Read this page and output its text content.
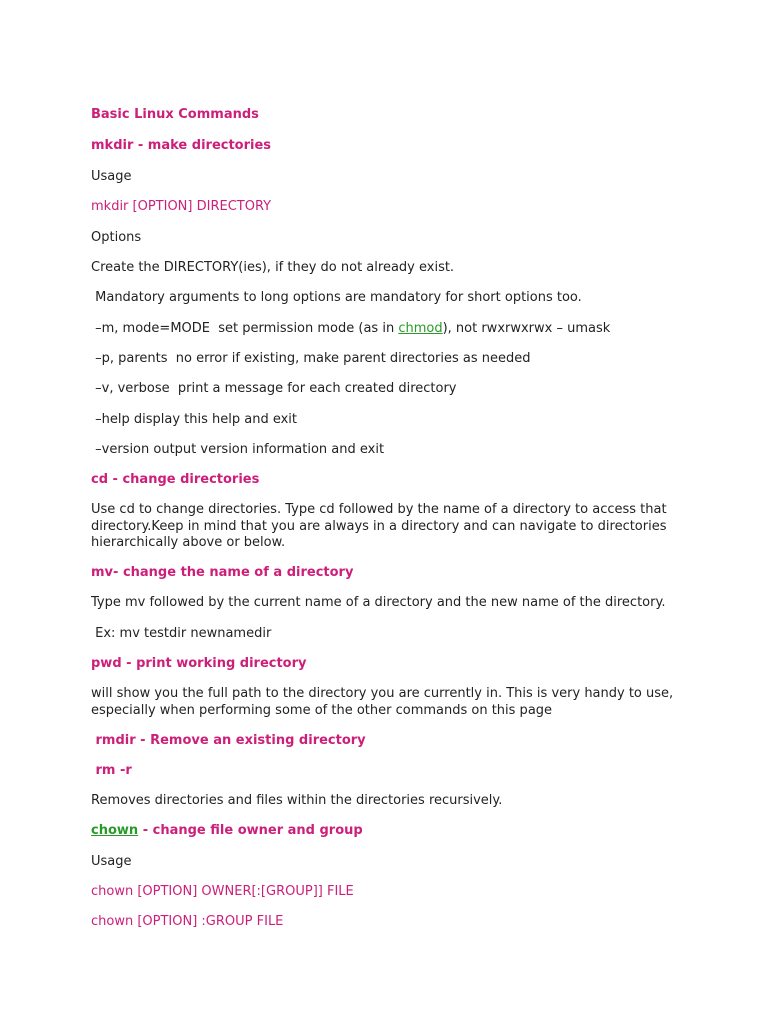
Basic Linux Commands
mkdir - make directories
Usage
mkdir [OPTION] DIRECTORY
Options
Create the DIRECTORY(ies), if they do not already exist.
Mandatory arguments to long options are mandatory for short options too.
–m, mode=MODE  set permission mode (as in chmod), not rwxrwxrwx – umask
–p, parents  no error if existing, make parent directories as needed
–v, verbose  print a message for each created directory
–help display this help and exit
–version output version information and exit
cd - change directories
Use cd to change directories. Type cd followed by the name of a directory to access that directory.Keep in mind that you are always in a directory and can navigate to directories hierarchically above or below.
mv- change the name of a directory
Type mv followed by the current name of a directory and the new name of the directory.
Ex: mv testdir newnamedir
pwd - print working directory
will show you the full path to the directory you are currently in. This is very handy to use, especially when performing some of the other commands on this page
rmdir - Remove an existing directory
rm -r
Removes directories and files within the directories recursively.
chown - change file owner and group
Usage
chown [OPTION] OWNER[:[GROUP]] FILE
chown [OPTION] :GROUP FILE
